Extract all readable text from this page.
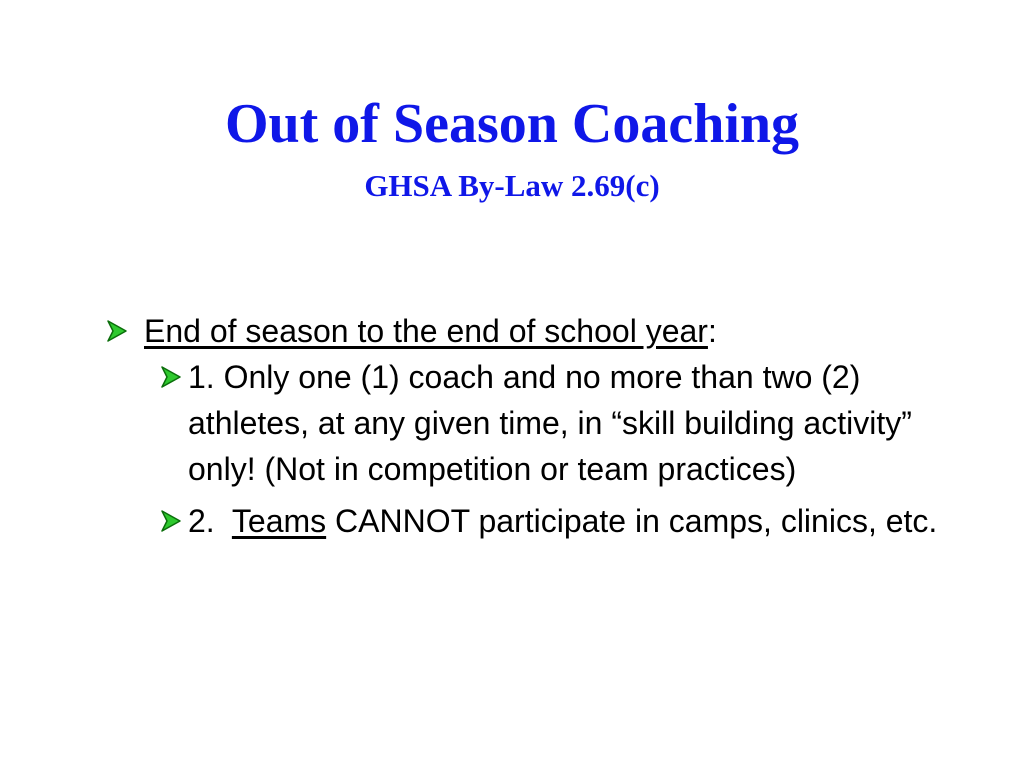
Out of Season Coaching
GHSA By-Law 2.69(c)
End of season to the end of school year:
1. Only one (1) coach and no more than two (2) athletes, at any given time, in “skill building activity” only! (Not in competition or team practices)
2.  Teams CANNOT participate in camps, clinics, etc.
